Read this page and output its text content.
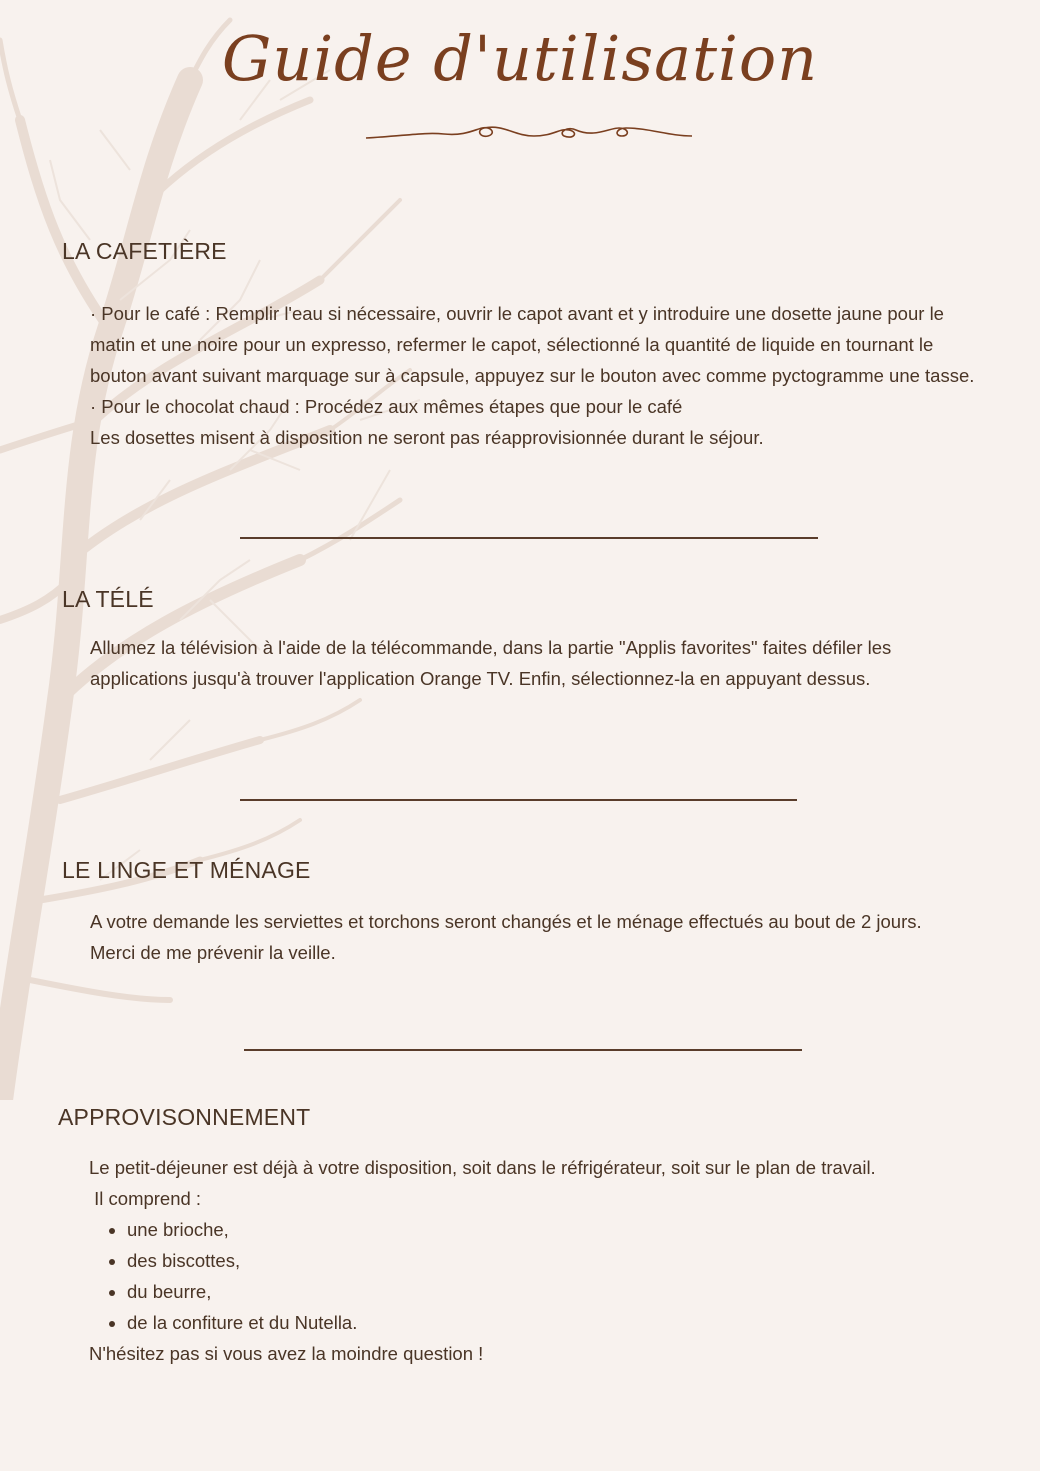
Guide d'utilisation
LA CAFETIÈRE

· Pour le café : Remplir l'eau si nécessaire, ouvrir le capot avant et y introduire une dosette jaune pour le matin et une noire pour un expresso, refermer le capot, sélectionné la quantité de liquide en tournant le bouton avant suivant marquage sur à capsule, appuyez sur le bouton avec comme pyctogramme une tasse.

· Pour le chocolat chaud : Procédez aux mêmes étapes que pour le café

Les dosettes misent à disposition ne seront pas réapprovisionnée durant le séjour.

LA TÉLÉ

Allumez la télévision à l'aide de la télécommande, dans la partie "Applis favorites" faites défiler les applications jusqu'à trouver l'application Orange TV. Enfin, sélectionnez-la en appuyant dessus.

LE LINGE ET MÉNAGE

A votre demande les serviettes et torchons seront changés et le ménage effectués au bout de 2 jours.

Merci de me prévenir la veille.

APPROVISONNEMENT

Le petit-déjeuner est déjà à votre disposition, soit dans le réfrigérateur, soit sur le plan de travail.

Il comprend :

• une brioche,
• des biscottes,
• du beurre,
• de la confiture et du Nutella.

N'hésitez pas si vous avez la moindre question !
